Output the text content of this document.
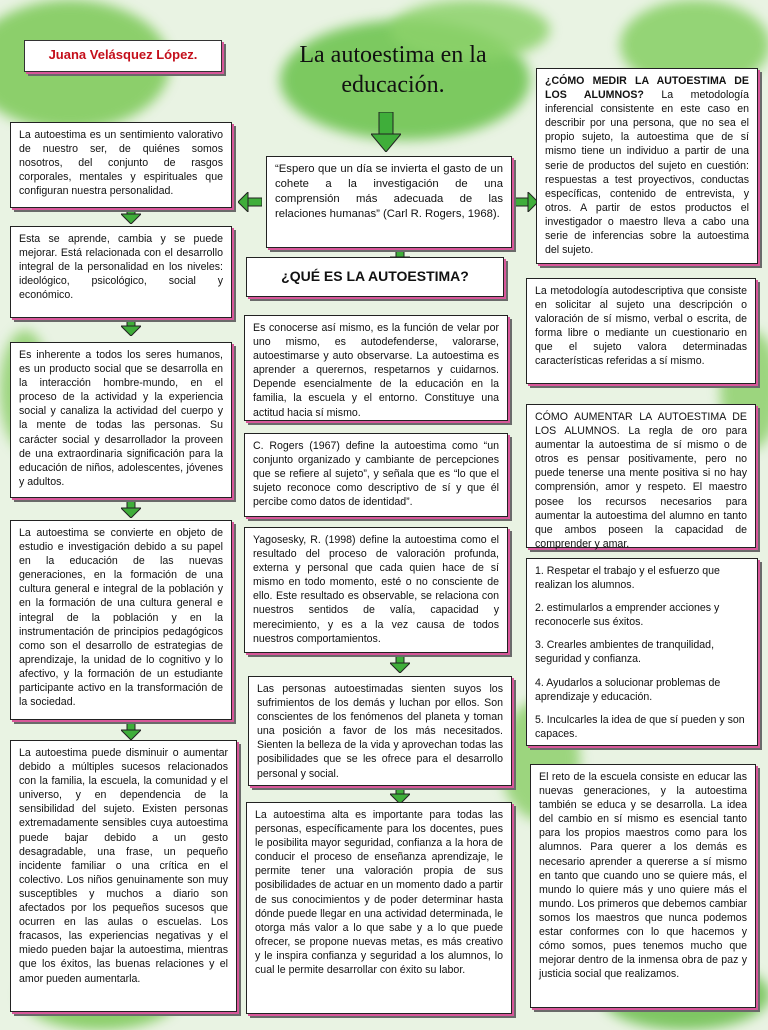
Juana Velásquez López.	La autoestima en la
educación.
La autoestima es un sentimiento valorativo de nuestro ser, de quiénes somos nosotros, del conjunto de rasgos corporales, mentales y espirituales que configuran nuestra personalidad.
Esta se aprende, cambia y se puede mejorar. Está relacionada con el desarrollo integral de la personalidad en los niveles: ideológico, psicológico, social y económico.
Es inherente a todos los seres humanos, es un producto social que se desarrolla en la interacción hombre-mundo, en el proceso de la actividad y la experiencia social y canaliza la actividad del cuerpo y la mente de todas las personas. Su carácter social y desarrollador la proveen de una extraordinaria significación para la educación de niños, adolescentes, jóvenes y adultos.
La autoestima se convierte en objeto de estudio e investigación debido a su papel en la educación de las nuevas generaciones, en la formación de una cultura general e integral de la población y en la formación de una cultura general e integral de la población y en la instrumentación de principios pedagógicos como son el desarrollo de estrategias de aprendizaje, la unidad de lo cognitivo y lo afectivo, y la formación de un estudiante participante activo en la transformación de la sociedad.
La autoestima puede disminuir o aumentar debido a múltiples sucesos relacionados con la familia, la escuela, la comunidad y el universo, y en dependencia de la sensibilidad del sujeto. Existen personas extremadamente sensibles cuya autoestima puede bajar debido a un gesto desagradable, una frase, un pequeño incidente familiar o una crítica en el colectivo. Los niños genuinamente son muy susceptibles y muchos a diario son afectados por los pequeños sucesos que ocurren en las aulas o escuelas. Los fracasos, las experiencias negativas y el miedo pueden bajar la autoestima, mientras que los éxitos, las buenas relaciones y el amor pueden aumentarla.
“Espero que un día se invierta el gasto de un cohete a la investigación de una comprensión más adecuada de las relaciones humanas” (Carl R. Rogers, 1968).
¿QUÉ ES LA AUTOESTIMA?
Es conocerse así mismo, es la función de velar por uno mismo, es autodefenderse, valorarse, autoestimarse y auto observarse. La autoestima es aprender a querernos, respetarnos y cuidarnos. Depende esencialmente de la educación en la familia, la escuela y el entorno. Constituye una actitud hacia sí mismo.
C. Rogers (1967) define la autoestima como “un conjunto organizado y cambiante de percepciones que se refiere al sujeto”, y señala que es “lo que el sujeto reconoce como descriptivo de sí y que él percibe como datos de identidad”.
Yagosesky, R. (1998) define la autoestima como el resultado del proceso de valoración profunda, externa y personal que cada quien hace de sí mismo en todo momento, esté o no consciente de ello. Este resultado es observable, se relaciona con nuestros sentidos de valía, capacidad y merecimiento, y es a la vez causa de todos nuestros comportamientos.
Las personas autoestimadas sienten suyos los sufrimientos de los demás y luchan por ellos. Son conscientes de los fenómenos del planeta y toman una posición a favor de los más necesitados. Sienten la belleza de la vida y aprovechan todas las posibilidades que se les ofrece para el desarrollo personal y social.
La autoestima alta es importante para todas las personas, específicamente para los docentes, pues le posibilita mayor seguridad, confianza a la hora de conducir el proceso de enseñanza aprendizaje, le permite tener una valoración propia de sus posibilidades de actuar en un momento dado a partir de sus conocimientos y de poder determinar hasta dónde puede llegar en una actividad determinada, le otorga más valor a lo que sabe y a lo que puede ofrecer, se propone nuevas metas, es más creativo y le inspira confianza y seguridad a los alumnos, lo cual le permite desarrollar con éxito su labor.
¿CÓMO MEDIR LA AUTOESTIMA DE LOS ALUMNOS? La metodología inferencial consistente en este caso en describir por una persona, que no sea el propio sujeto, la autoestima que de sí mismo tiene un individuo a partir de una serie de productos del sujeto en cuestión: respuestas a test proyectivos, conductas específicas, contenido de entrevista, y otros. A partir de estos productos el investigador o maestro lleva a cabo una serie de inferencias sobre la autoestima del sujeto.
La metodología autodescriptiva que consiste en solicitar al sujeto una descripción o valoración de sí mismo, verbal o escrita, de forma libre o mediante un cuestionario en que el sujeto valora determinadas características referidas a sí mismo.
CÓMO AUMENTAR LA AUTOESTIMA DE LOS ALUMNOS. La regla de oro para aumentar la autoestima de sí mismo o de otros es pensar positivamente, pero no puede tenerse una mente positiva si no hay comprensión, amor y respeto. El maestro posee los recursos necesarios para aumentar la autoestima del alumno en tanto que ambos poseen la capacidad de comprender y amar.

1. Respetar el trabajo y el esfuerzo que realizan los alumnos.

2. estimularlos a emprender acciones y reconocerle sus éxitos.

3. Crearles ambientes de tranquilidad, seguridad y confianza.

4. Ayudarlos a solucionar problemas de aprendizaje y educación.

5. Inculcarles la idea de que sí pueden y son capaces.

El reto de la escuela consiste en educar las nuevas generaciones, y la autoestima también se educa y se desarrolla. La idea del cambio en sí mismo es esencial tanto para los propios maestros como para los alumnos. Para querer a los demás es necesario aprender a quererse a sí mismo en tanto que cuando uno se quiere más, el mundo lo quiere más y uno quiere más el mundo. Los primeros que debemos cambiar somos los maestros que nunca podemos estar conformes con lo que hacemos y cómo somos, pues tenemos mucho que mejorar dentro de la inmensa obra de paz y justicia social que realizamos.
